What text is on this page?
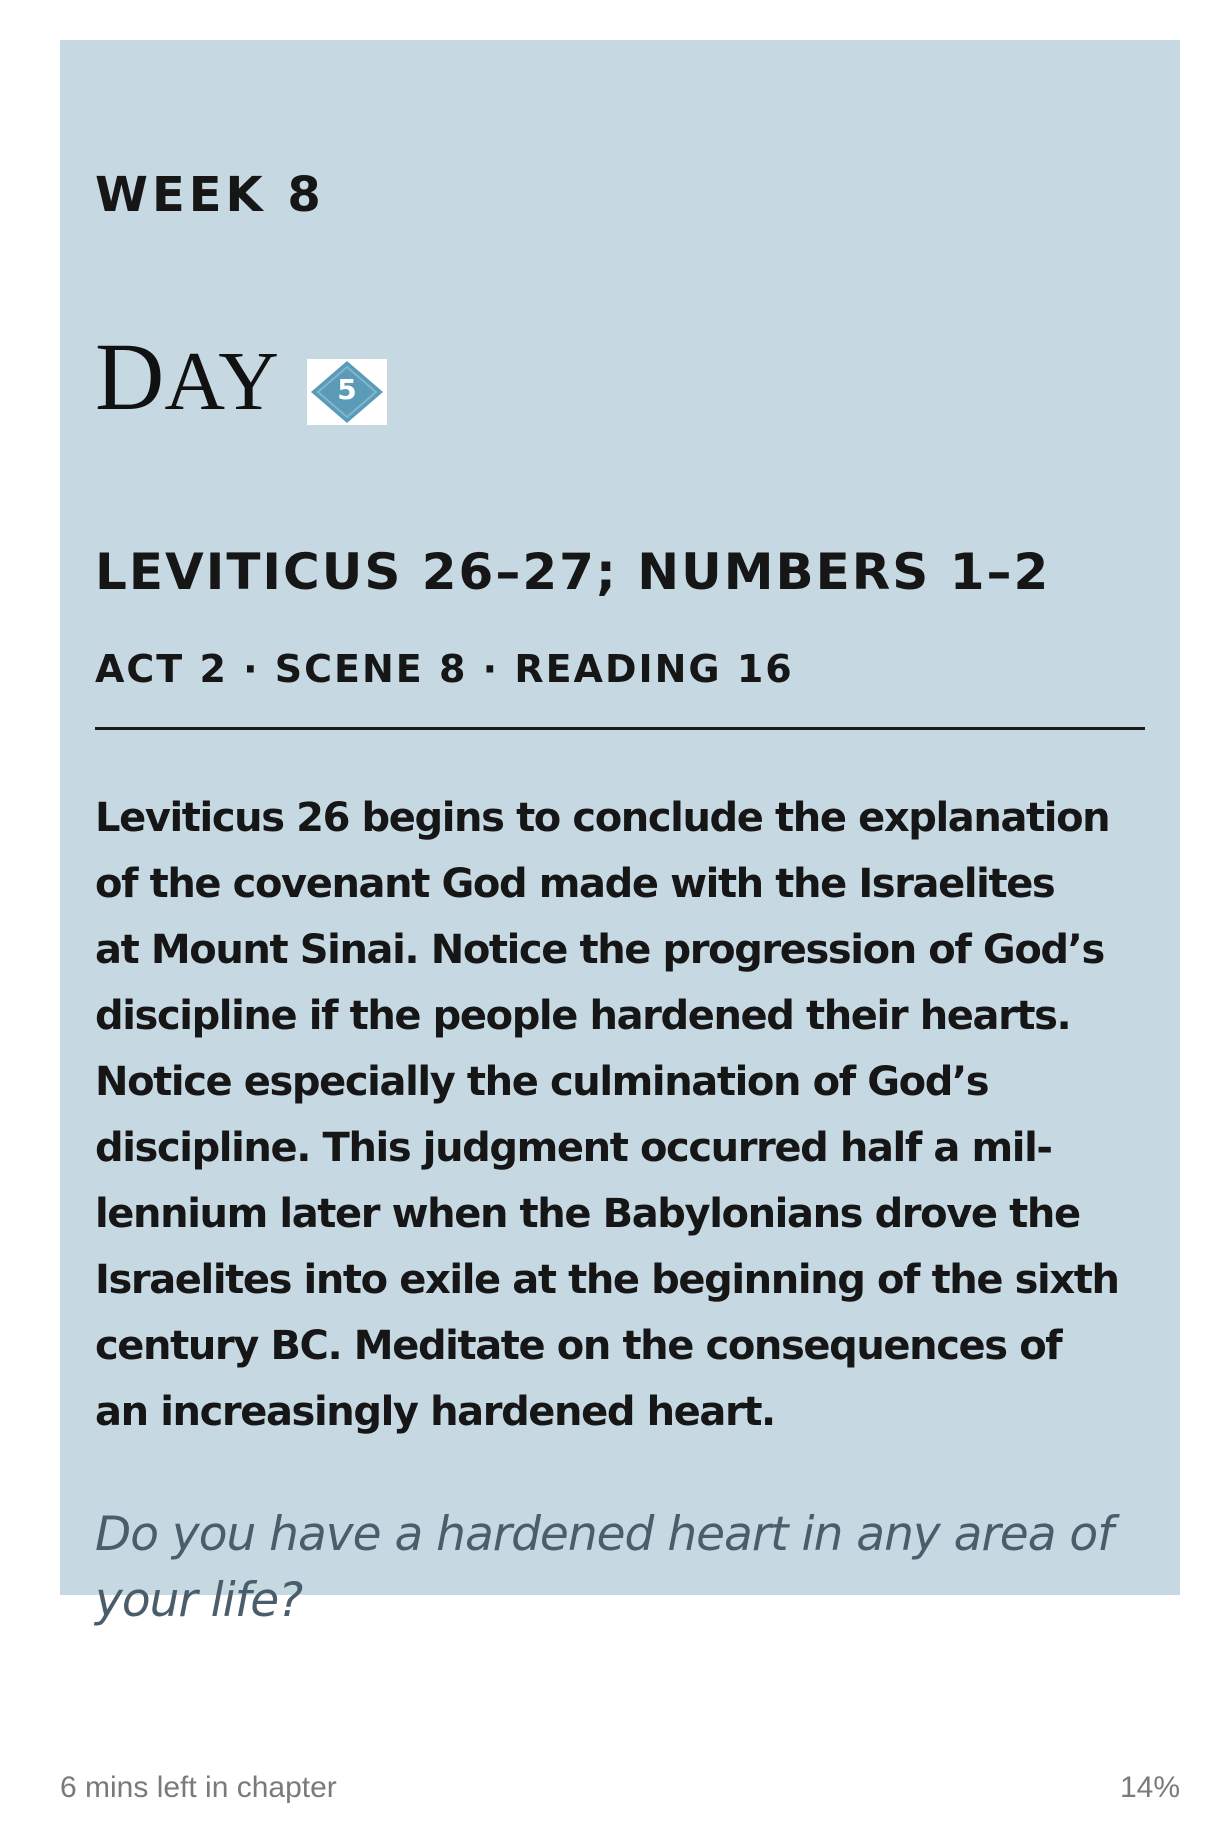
WEEK 8
DAY	5
LEVITICUS 26–27; NUMBERS 1–2
ACT 2 · SCENE 8 · READING 16
Leviticus 26 begins to conclude the explanation
of the covenant God made with the Israelites
at Mount Sinai. Notice the progression of God’s
discipline if the people hardened their hearts.
Notice especially the culmination of God’s
discipline. This judgment occurred half a mil-
lennium later when the Babylonians drove the
Israelites into exile at the beginning of the sixth
century BC. Meditate on the consequences of
an increasingly hardened heart.
Do you have a hardened heart in any area of
your life?
6 mins left in chapter	14%
